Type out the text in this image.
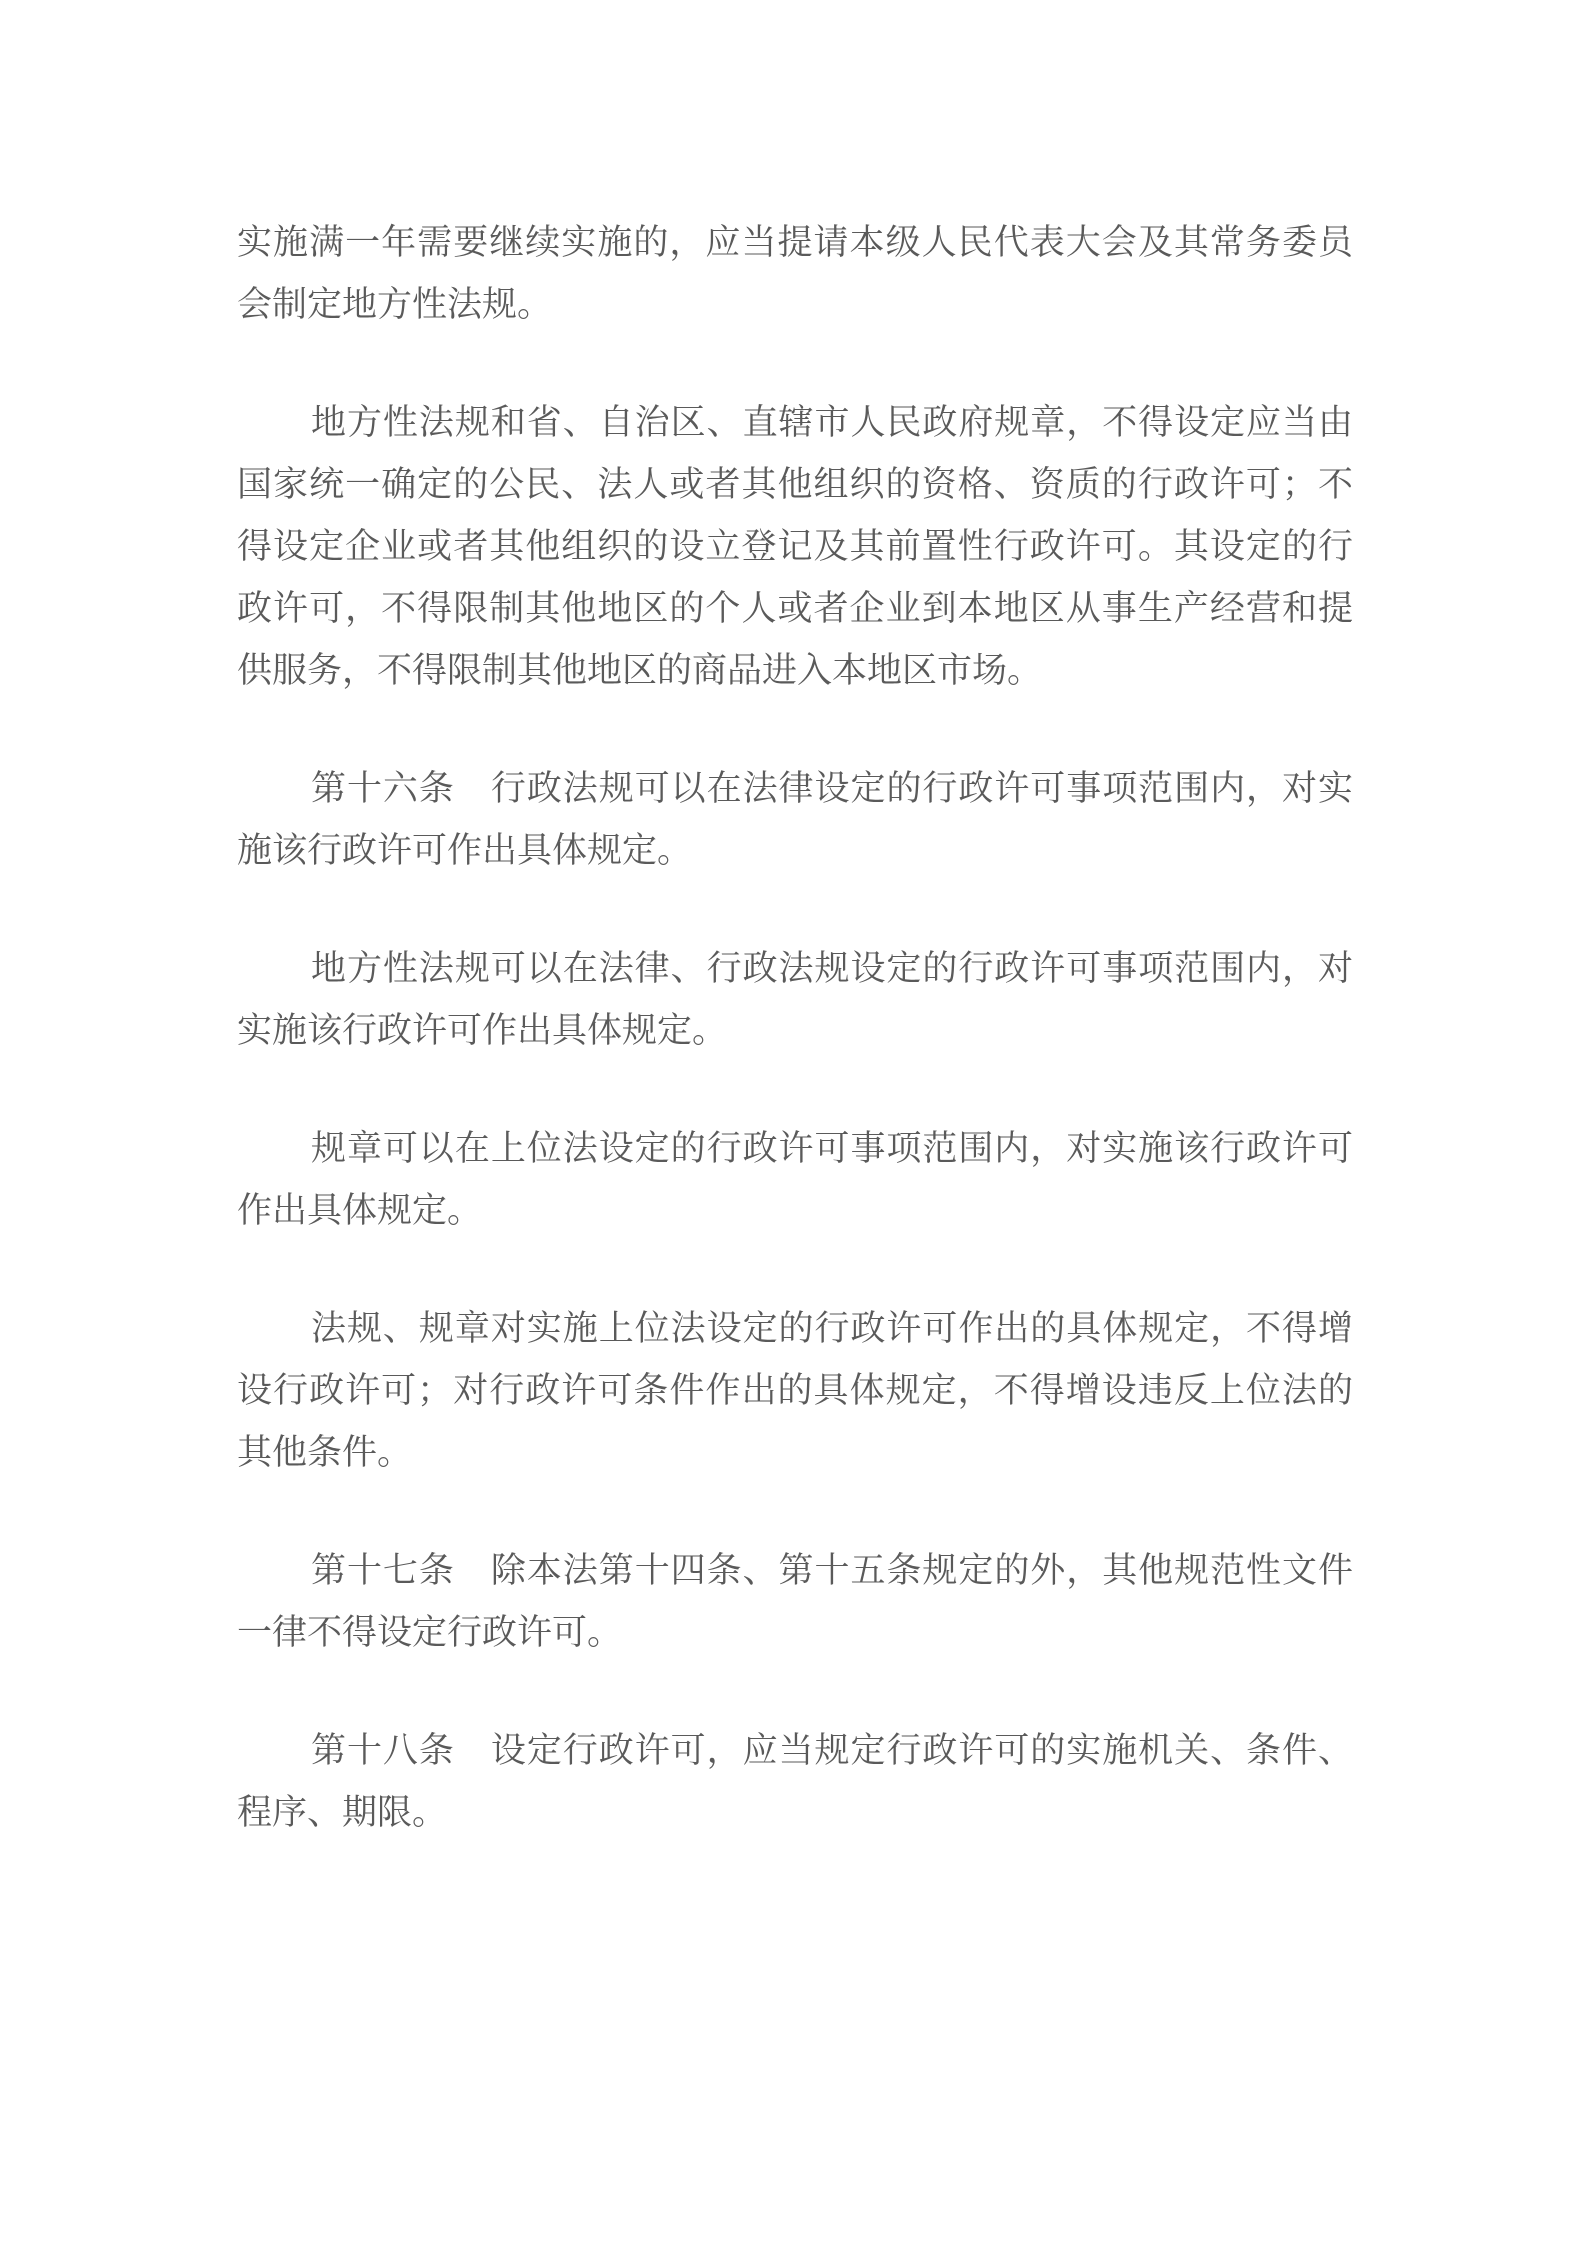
实施满一年需要继续实施的，应当提请本级人民代表大会及其常务委员会制定地方性法规。

地方性法规和省、自治区、直辖市人民政府规章，不得设定应当由国家统一确定的公民、法人或者其他组织的资格、资质的行政许可；不得设定企业或者其他组织的设立登记及其前置性行政许可。其设定的行政许可，不得限制其他地区的个人或者企业到本地区从事生产经营和提供服务，不得限制其他地区的商品进入本地区市场。

第十六条 行政法规可以在法律设定的行政许可事项范围内，对实施该行政许可作出具体规定。

地方性法规可以在法律、行政法规设定的行政许可事项范围内，对实施该行政许可作出具体规定。

规章可以在上位法设定的行政许可事项范围内，对实施该行政许可作出具体规定。

法规、规章对实施上位法设定的行政许可作出的具体规定，不得增设行政许可；对行政许可条件作出的具体规定，不得增设违反上位法的其他条件。

第十七条 除本法第十四条、第十五条规定的外，其他规范性文件一律不得设定行政许可。

第十八条 设定行政许可，应当规定行政许可的实施机关、条件、程序、期限。
